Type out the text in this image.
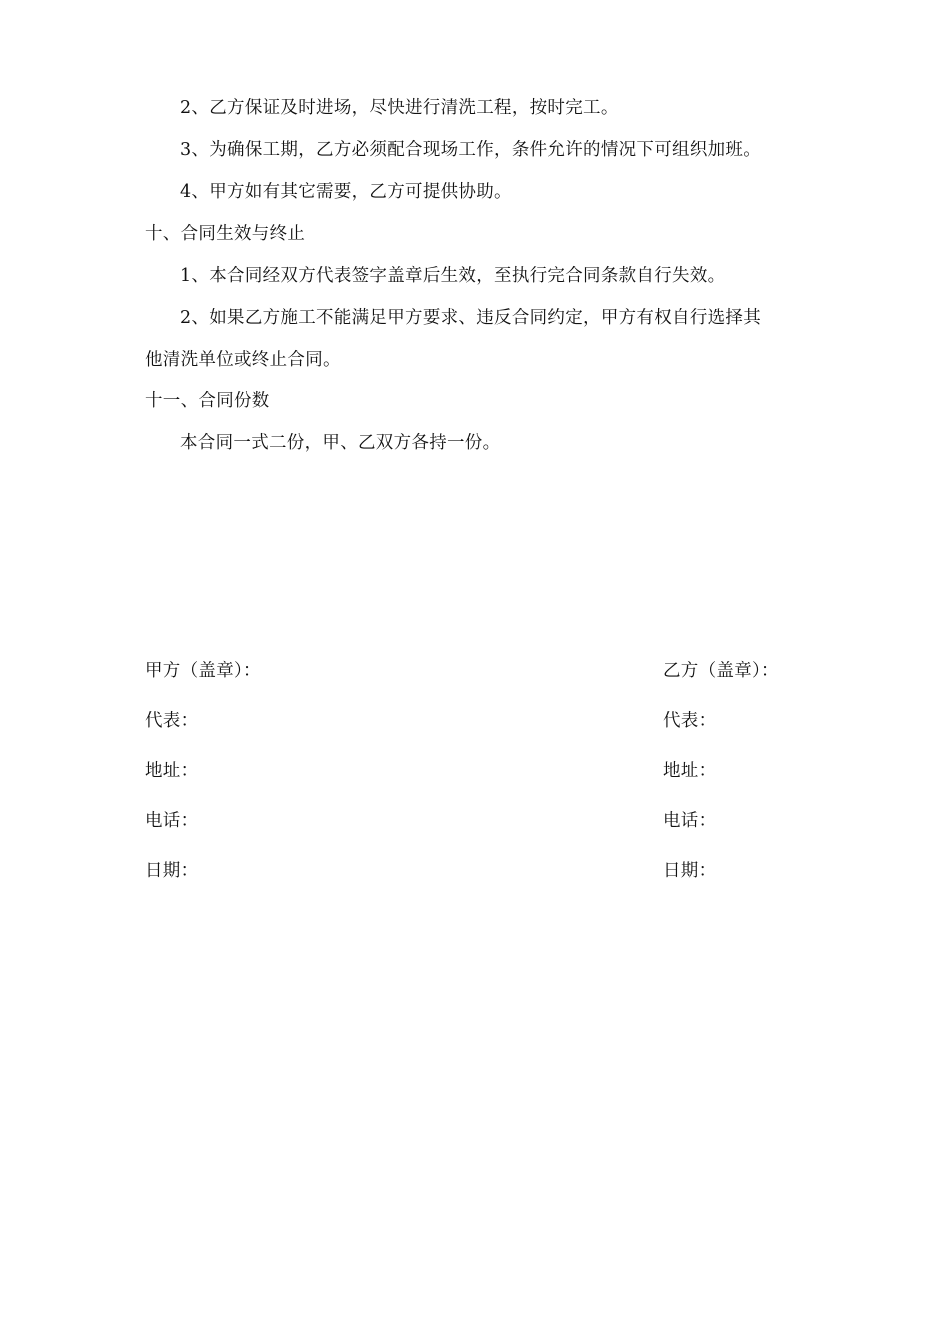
2、乙方保证及时进场，尽快进行清洗工程，按时完工。
3、为确保工期，乙方必须配合现场工作，条件允许的情况下可组织加班。
4、甲方如有其它需要，乙方可提供协助。
十、合同生效与终止
1、本合同经双方代表签字盖章后生效，至执行完合同条款自行失效。
2、如果乙方施工不能满足甲方要求、违反合同约定，甲方有权自行选择其
他清洗单位或终止合同。
十一、合同份数
本合同一式二份，甲、乙双方各持一份。
甲方（盖章）：
代表：
地址：
电话：
日期：
乙方（盖章）：
代表：
地址：
电话：
日期：
